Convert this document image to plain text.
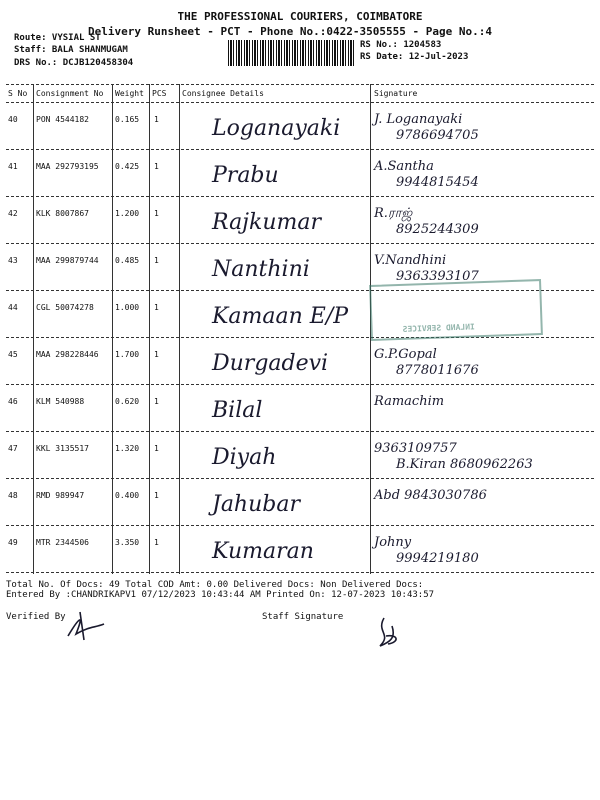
THE PROFESSIONAL COURIERS, COIMBATORE
Delivery Runsheet - PCT - Phone No.:0422-3505555 - Page No.:4
Route: VYSIAL ST
Staff: BALA SHANMUGAM
DRS No.: DCJB120458304
RS No.: 1204583
RS Date: 12-Jul-2023
S No Consignment No Weight PCS Consignee Details	Signature
40 PON 4544182	0.165 1 Loganayaki	J. Loganayaki
9786694705
41 MAA 292793195 0.425 1 Prabu	A.Santha
9944815454
42 KLK 8007867	1.200 1 Rajkumar	R.ராஜ்
8925244309
43 MAA 299879744 0.485 1 Nanthini	V.Nandhini
9363393107
44 CGL 50074278	1.000 1 Kamaan E/P
45 MAA 298228446 1.700 1 Durgadevi	G.P.Gopal
8778011676
46 KLM 540988	0.620 1 Bilal	Ramachim
47 KKL 3135517	1.320 1 Diyah	9363109757
B.Kiran 8680962263
48 RMD 989947	0.400 1 Jahubar	Abd 9843030786
49 MTR 2344506	3.350 1 Kumaran	Johny
9994219180
INLAND SERVICES
Total No. Of Docs: 49 Total COD Amt: 0.00 Delivered Docs: Non Delivered Docs:
Entered By :CHANDRIKAPV1 07/12/2023 10:43:44 AM Printed On: 12-07-2023 10:43:57
Verified By	Staff Signature
